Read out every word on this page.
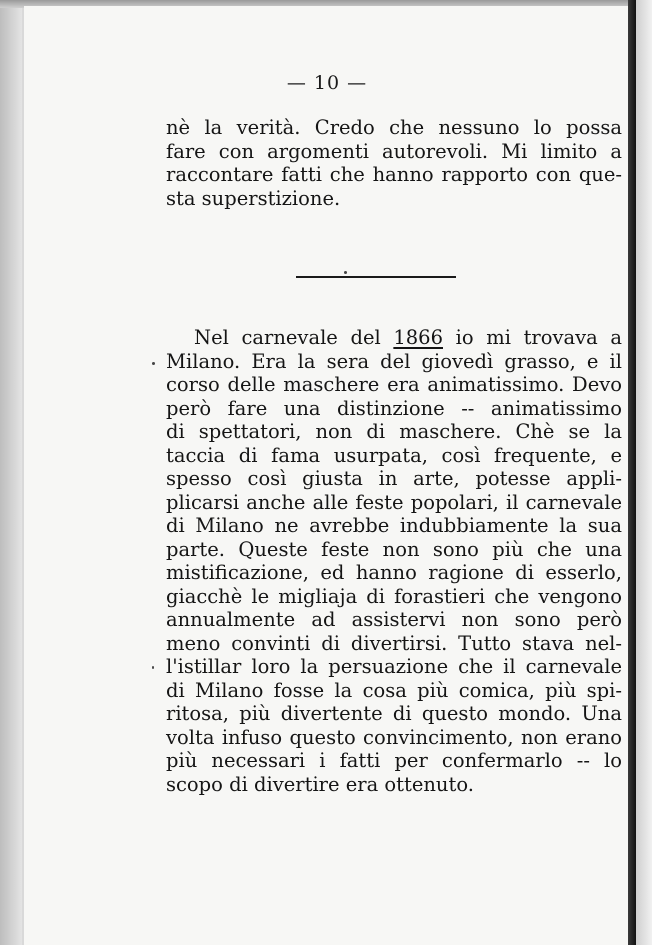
— 10 —
nè la verità. Credo che nessuno lo possa
fare con argomenti autorevoli. Mi limito a
raccontare fatti che hanno rapporto con que-
sta superstizione.
Nel carnevale del 1866 io mi trovava a
Milano. Era la sera del giovedì grasso, e il
corso delle maschere era animatissimo. Devo
però fare una distinzione -- animatissimo
di spettatori, non di maschere. Chè se la
taccia di fama usurpata, così frequente, e
spesso così giusta in arte, potesse appli-
plicarsi anche alle feste popolari, il carnevale
di Milano ne avrebbe indubbiamente la sua
parte. Queste feste non sono più che una
mistificazione, ed hanno ragione di esserlo,
giacchè le migliaja di forastieri che vengono
annualmente ad assistervi non sono però
meno convinti di divertirsi. Tutto stava nel-
l'istillar loro la persuazione che il carnevale
di Milano fosse la cosa più comica, più spi-
ritosa, più divertente di questo mondo. Una
volta infuso questo convincimento, non erano
più necessari i fatti per confermarlo -- lo
scopo di divertire era ottenuto.
